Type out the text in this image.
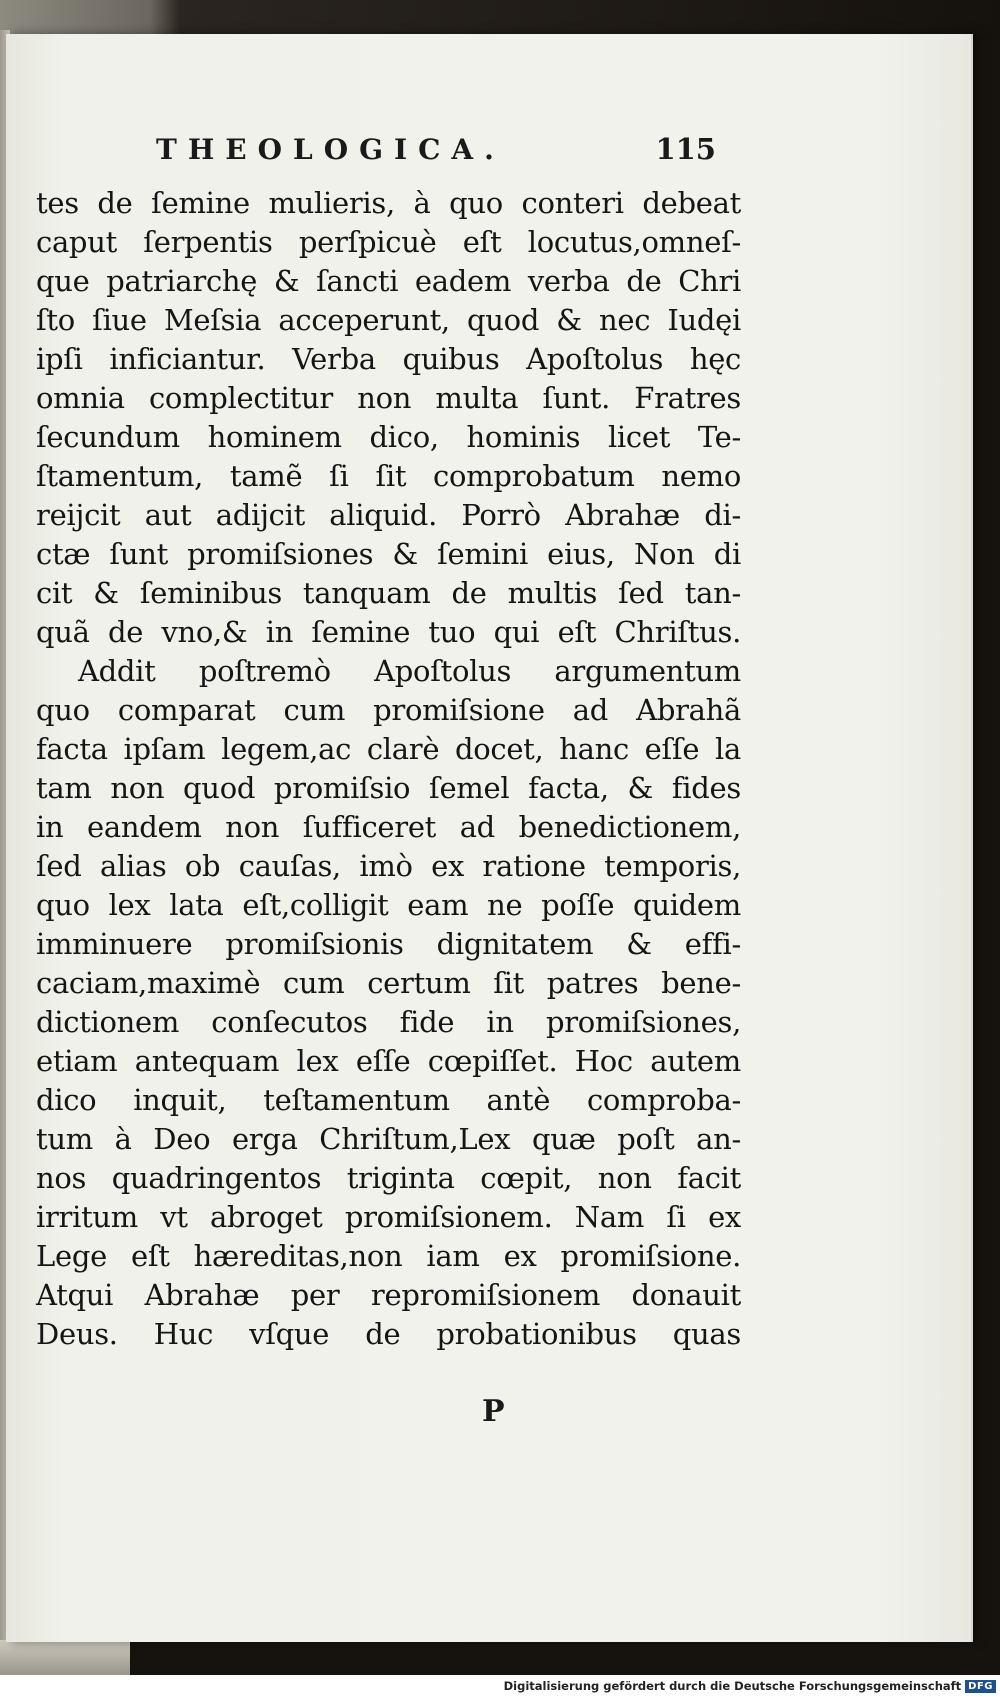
THEOLOGICA.	115
tes de ſemine mulieris, à quo conteri debeat
caput ſerpentis perſpicuè eſt locutus,omneſ-
que patriarchę & ſancti eadem verba de Chri
ſto ſiue Meſsia acceperunt, quod & nec Iudęi
ipſi inficiantur. Verba quibus Apoſtolus hęc
omnia complectitur non multa ſunt. Fratres
ſecundum hominem dico, hominis licet Te-
ſtamentum, tamẽ ſi ſit comprobatum nemo
reijcit aut adijcit aliquid. Porrò Abrahæ di-
ctæ ſunt promiſsiones & ſemini eius, Non di
cit & ſeminibus tanquam de multis ſed tan-
quã de vno,& in ſemine tuo qui eſt Chriſtus.
Addit poſtremò Apoſtolus argumentum
quo comparat cum promiſsione ad Abrahã
facta ipſam legem,ac clarè docet, hanc eſſe la
tam non quod promiſsio ſemel facta, & fides
in eandem non ſufficeret ad benedictionem,
ſed alias ob cauſas, imò ex ratione temporis,
quo lex lata eſt,colligit eam ne poſſe quidem
imminuere promiſsionis dignitatem & effi-
caciam,maximè cum certum ſit patres bene-
dictionem conſecutos fide in promiſsiones,
etiam antequam lex eſſe cœpiſſet. Hoc autem
dico inquit, teſtamentum antè comproba-
tum à Deo erga Chriſtum,Lex quæ poſt an-
nos quadringentos triginta cœpit, non facit
irritum vt abroget promiſsionem. Nam ſi ex
Lege eſt hæreditas,non iam ex promiſsione.
Atqui Abrahæ per repromiſsionem donauit
Deus. Huc vſque de probationibus quas
P
Digitalisierung gefördert durch die Deutsche Forschungsgemeinschaft DFG
